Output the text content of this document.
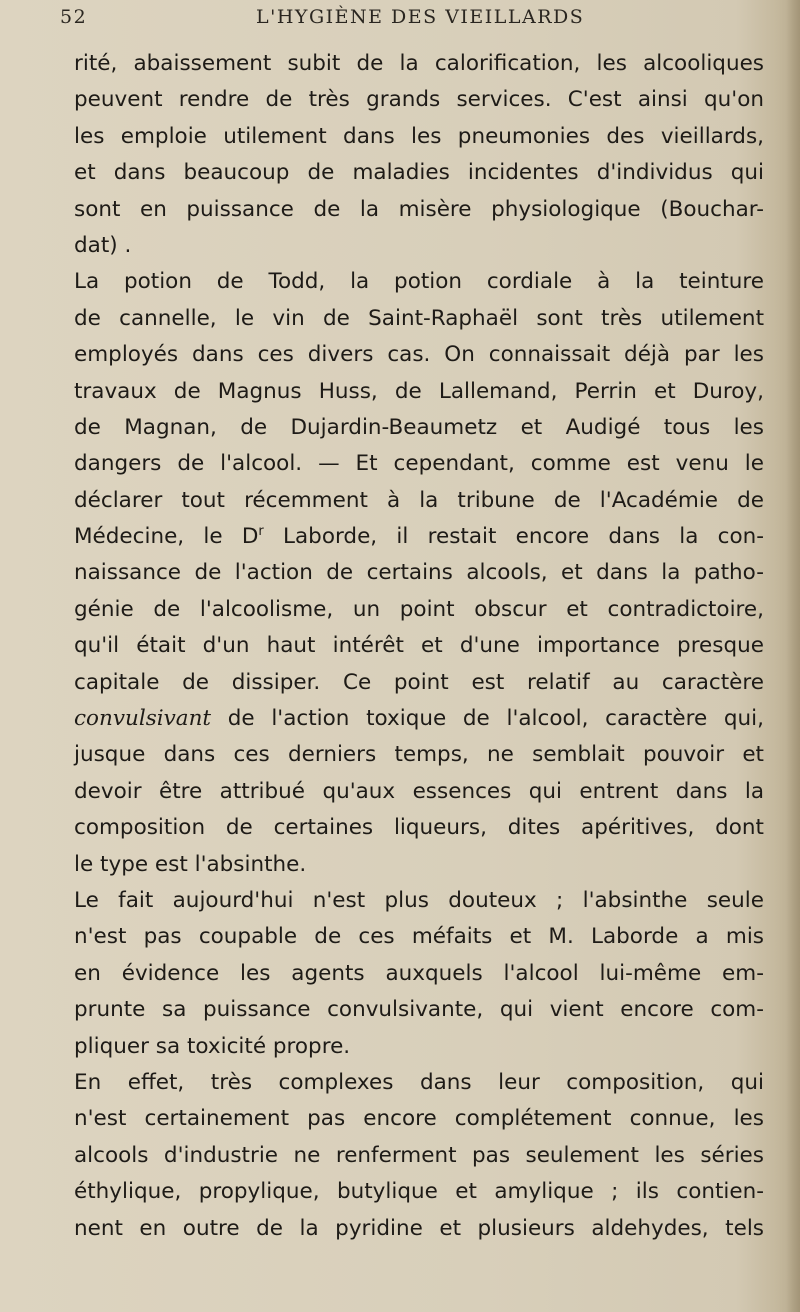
52	L'HYGIÈNE DES VIEILLARDS
rité, abaissement subit de la calorification, les alcooliques
peuvent rendre de très grands services. C'est ainsi qu'on
les emploie utilement dans les pneumonies des vieillards,
et dans beaucoup de maladies incidentes d'individus qui
sont en puissance de la misère physiologique (Bouchar-
dat) .
La potion de Todd, la potion cordiale à la teinture
de cannelle, le vin de Saint-Raphaël sont très utilement
employés dans ces divers cas. On connaissait déjà par les
travaux de Magnus Huss, de Lallemand, Perrin et Duroy,
de Magnan, de Dujardin-Beaumetz et Audigé tous les
dangers de l'alcool. — Et cependant, comme est venu le
déclarer tout récemment à la tribune de l'Académie de
Médecine, le $D^r$ Laborde, il restait encore dans la con-
naissance de l'action de certains alcools, et dans la patho-
génie de l'alcoolisme, un point obscur et contradictoire,
qu'il était d'un haut intérêt et d'une importance presque
capitale de dissiper. Ce point est relatif au caractère
convulsivant de l'action toxique de l'alcool, caractère qui,
jusque dans ces derniers temps, ne semblait pouvoir et
devoir être attribué qu'aux essences qui entrent dans la
composition de certaines liqueurs, dites apéritives, dont
le type est l'absinthe.
Le fait aujourd'hui n'est plus douteux ; l'absinthe seule
n'est pas coupable de ces méfaits et M. Laborde a mis
en évidence les agents auxquels l'alcool lui-même em-
prunte sa puissance convulsivante, qui vient encore com-
pliquer sa toxicité propre.
En effet, très complexes dans leur composition, qui
n'est certainement pas encore complétement connue, les
alcools d'industrie ne renferment pas seulement les séries
éthylique, propylique, butylique et amylique ; ils contien-
nent en outre de la pyridine et plusieurs aldehydes, tels
